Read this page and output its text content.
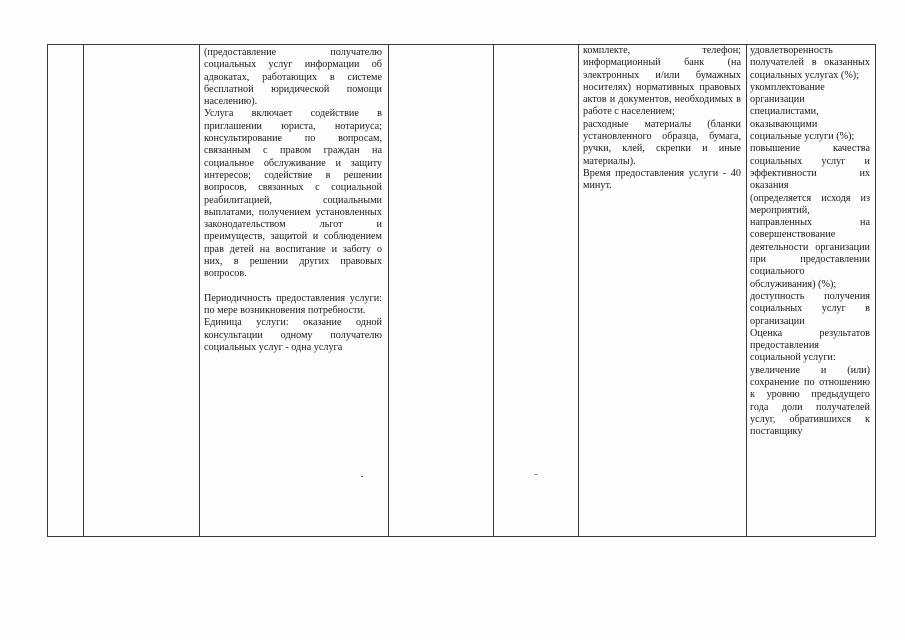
(предоставление получателю социальных услуг информации об адвокатах, работающих в системе бесплатной юридической помощи населению).

Услуга включает содействие в приглашении юриста, нотариуса; консультирование по вопросам, связанным с правом граждан на социальное обслуживание и защиту интересов; содействие в решении вопросов, связанных с социальной реабилитацией, социальными выплатами, получением установленных законодательством льгот и преимуществ, защитой и соблюдением прав детей на воспитание и заботу о них, в решении других правовых вопросов.

Периодичность предоставления услуги: по мере возникновения потребности.

Единица услуги: оказание одной консультации одному получателю социальных услуг - одна услуга

комплекте, телефон; информационный банк (на электронных и/или бумажных носителях) нормативных правовых актов и документов, необходимых в работе с населением;

расходные материалы (бланки установленного образца, бумага, ручки, клей, скрепки и иные материалы).

Время предоставления услуги - 40 минут.

удовлетворенность получателей в оказанных социальных услугах (%);

укомплектование организации специалистами, оказывающими социальные услуги (%);

повышение качества социальных услуг и эффективности их оказания

(определяется исходя из мероприятий, направленных на совершенствование деятельности организации при предоставлении социального обслуживания) (%);

доступность получения социальных услуг в организации

Оценка результатов предоставления социальной услуги:

увеличение и (или) сохранение по отношению к уровню предыдущего года доли получателей услуг, обратившихся к поставщику
